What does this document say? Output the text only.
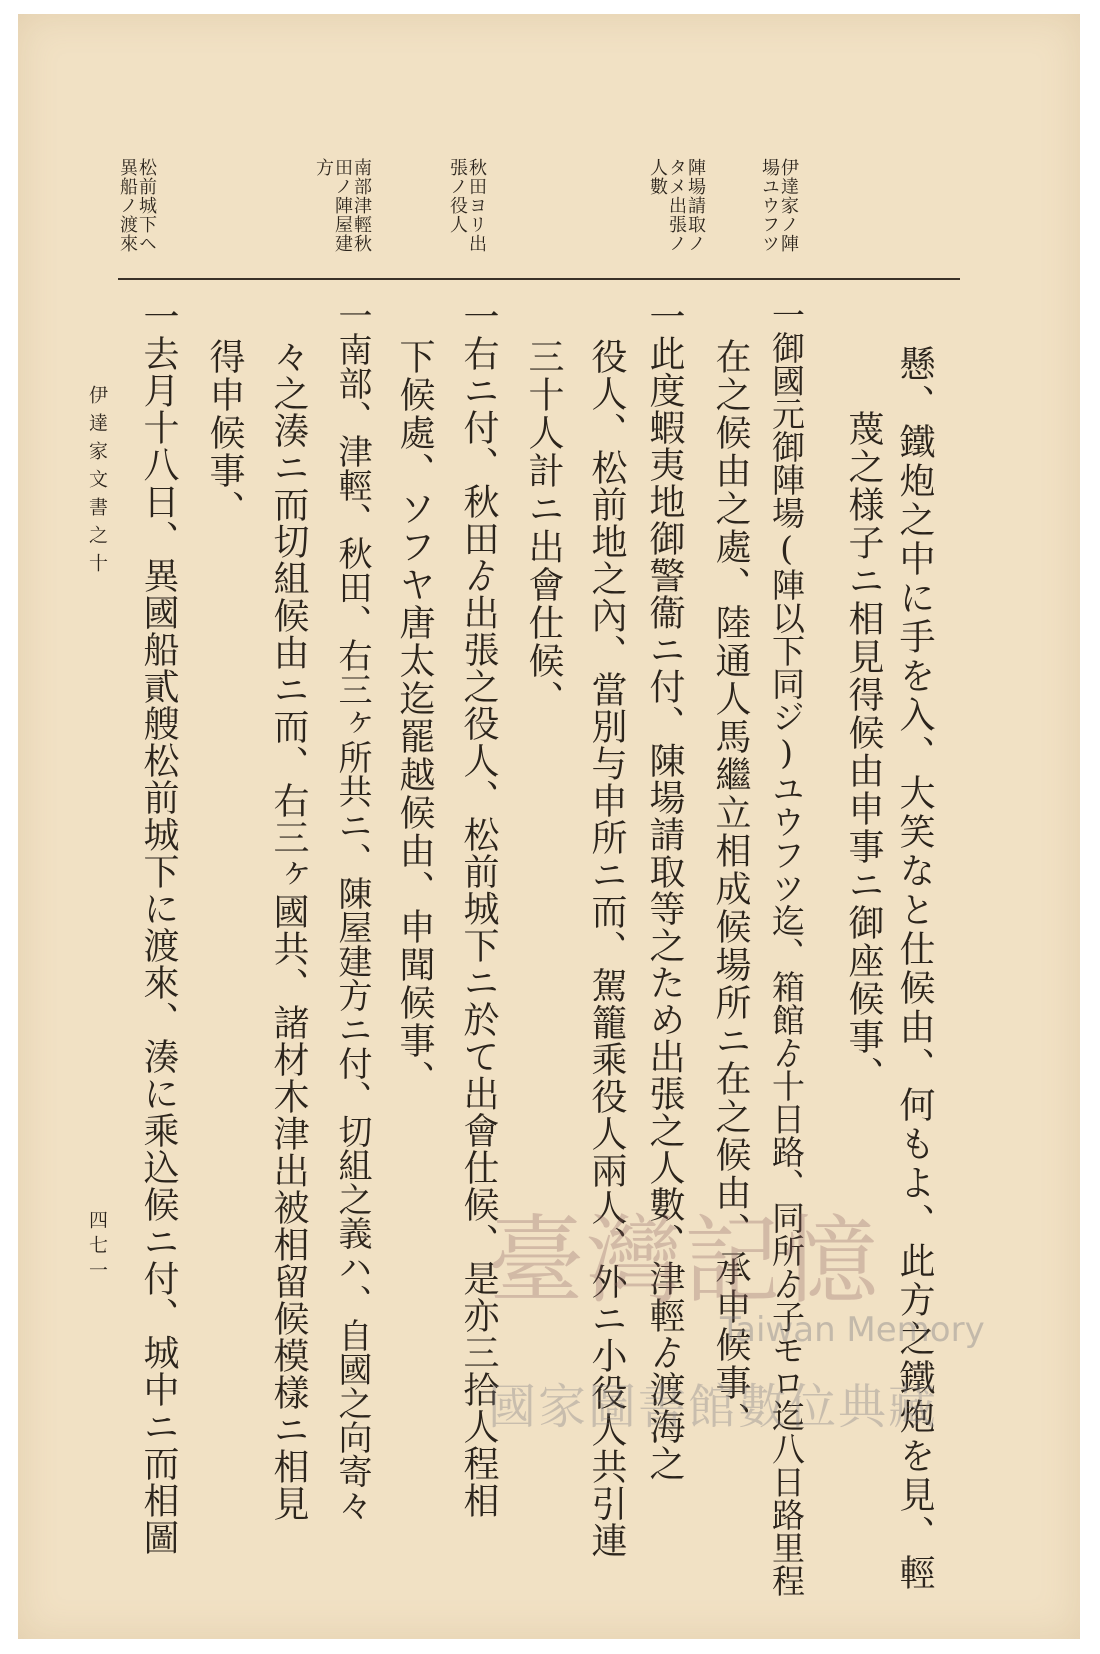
伊達家ノ陣場ユウフツ
陣場請取ノタメ出張ノ人數
秋田ヨリ出張ノ役人
南部津輕秋田ノ陣屋建方
松前城下ヘ異船ノ渡來
懸、鐵炮之中に手を入、大笑なと仕候由、何もよ、此方之鐵炮を見、輕
蔑之様子ニ相見得候由申事ニ御座候事、
一御國元御陣場(陣以下同ジ)ユウフツ迄、箱館ゟ十日路、同所ゟ子モロ迄八日路里程
在之候由之處、陸通人馬繼立相成候場所ニ在之候由、承申候事、
一此度蝦夷地御警衞ニ付、陳場請取等之ため出張之人數、津輕ゟ渡海之
役人、松前地之內、當別与申所ニ而、駕籠乘役人兩人、外ニ小役人共引連
三十人計ニ出會仕候、
一右ニ付、秋田ゟ出張之役人、松前城下ニ於て出會仕候、是亦三拾人程相
下候處、ソフヤ唐太迄罷越候由、申聞候事、
一南部、津輕、秋田、右三ヶ所共ニ、陳屋建方ニ付、切組之義ハ、自國之向寄々
々之湊ニ而切組候由ニ而、右三ヶ國共、諸材木津出被相留候模樣ニ相見
得申候事、
一去月十八日、異國船貳艘松前城下に渡來、湊に乘込候ニ付、城中ニ而相圖
伊達家文書之十
四七一	臺灣記憶
Taiwan Memory
國家圖書館數位典藏
